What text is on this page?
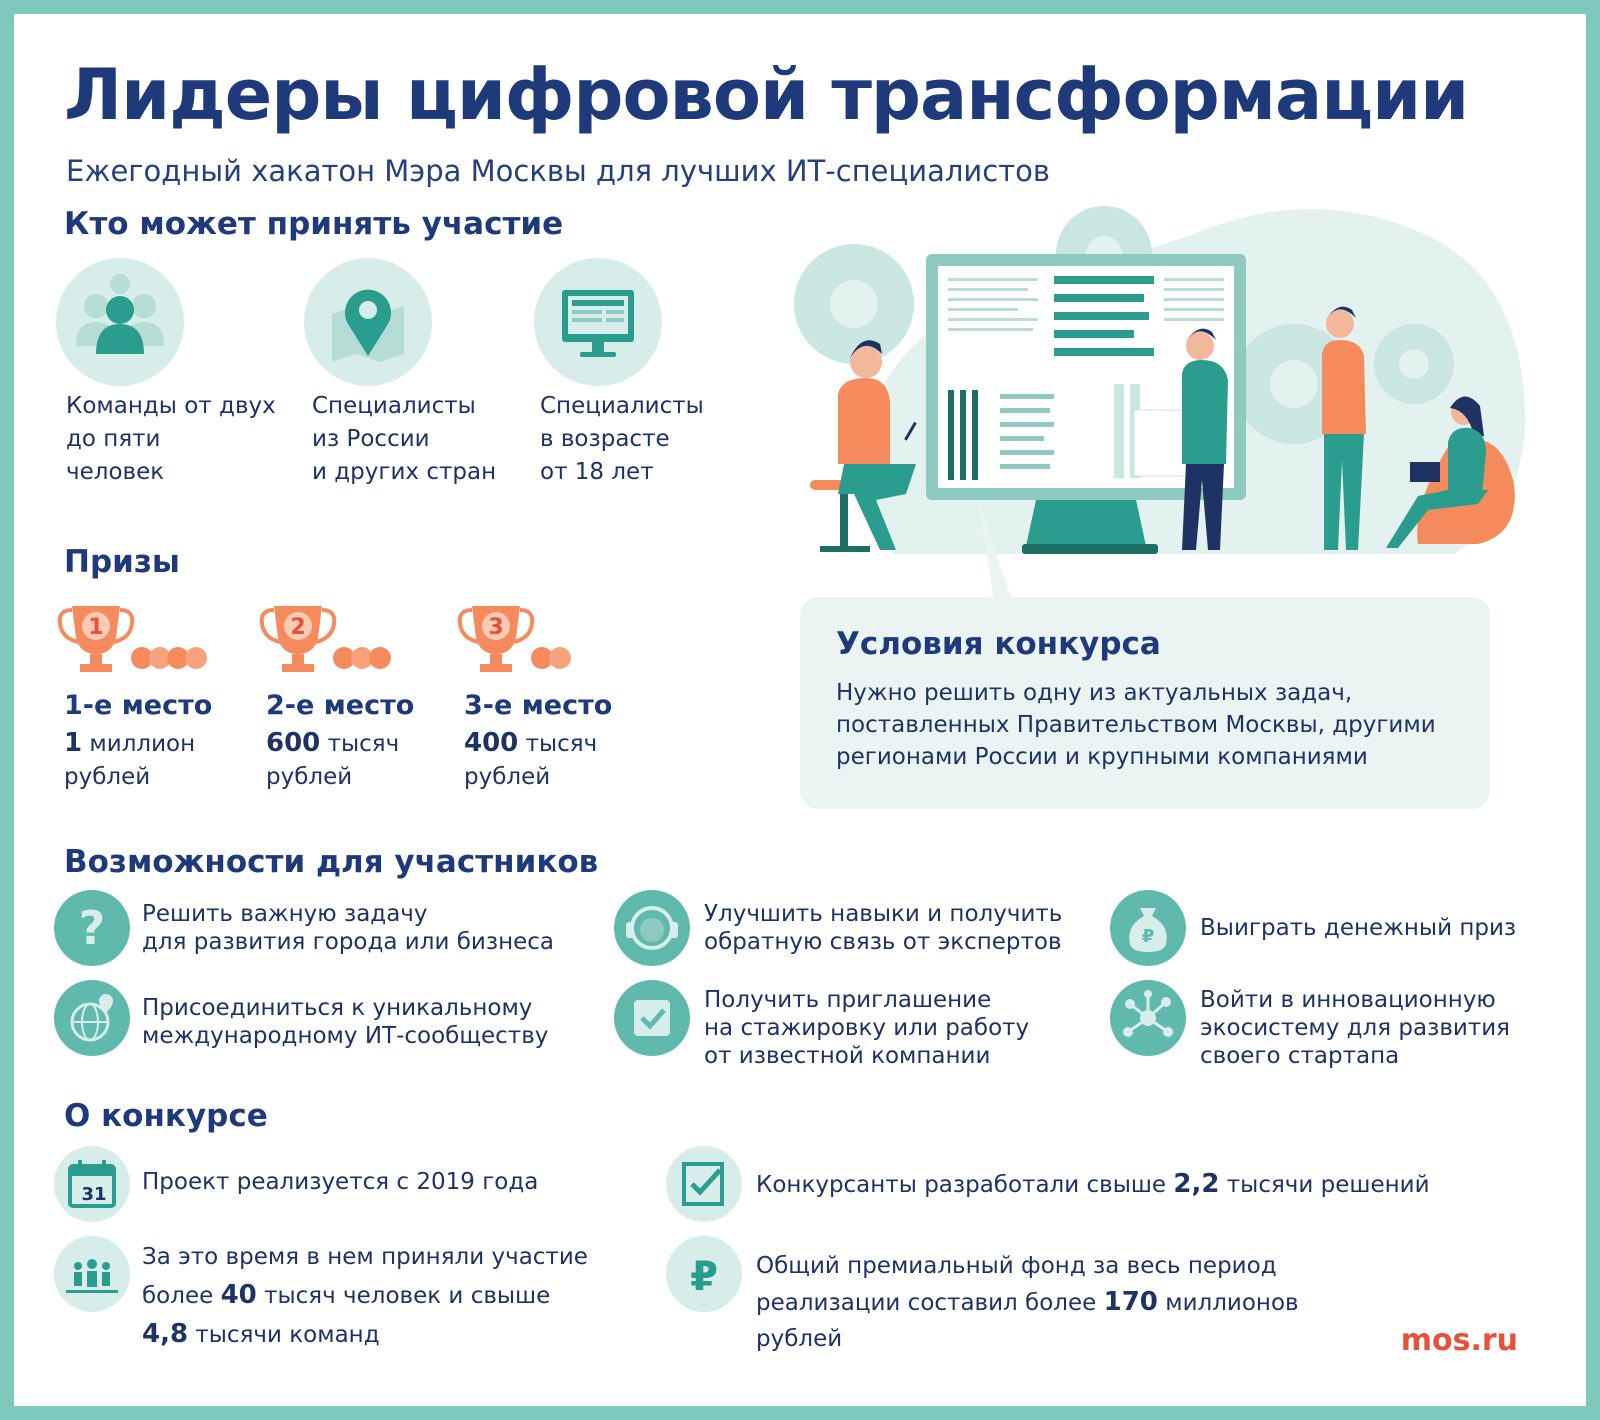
Лидеры цифровой трансформации
Ежегодный хакатон Мэра Москвы для лучших ИТ-специалистов
Кто может принять участие
Команды от двух
до пяти
человек
Специалисты
из России
и других стран
Специалисты
в возрасте
от 18 лет
Призы
1	2	3
1-е место
1 миллион
рублей
2-е место
600 тысяч
рублей
3-е место
400 тысяч
рублей
Условия конкурса
Нужно решить одну из актуальных задач,
поставленных Правительством Москвы, другими
регионами России и крупными компаниями
Возможности для участников
? Решить важную задачу
для развития города или бизнеса
Улучшить навыки и получить
обратную связь от экспертов	₽ Выиграть денежный приз
Присоединиться к уникальному
международному ИТ-сообществу
Получить приглашение
на стажировку или работу
от известной компании
Войти в инновационную
экосистему для развития
своего стартапа
О конкурсе
31 Проект реализуется с 2019 года
За это время в нем приняли участие
более 40 тысяч человек и свыше
4,8 тысячи команд
Конкурсанты разработали свыше 2,2 тысячи решений
₽ Общий премиальный фонд за весь период
реализации составил более 170 миллионов
рублей	mos.ru
